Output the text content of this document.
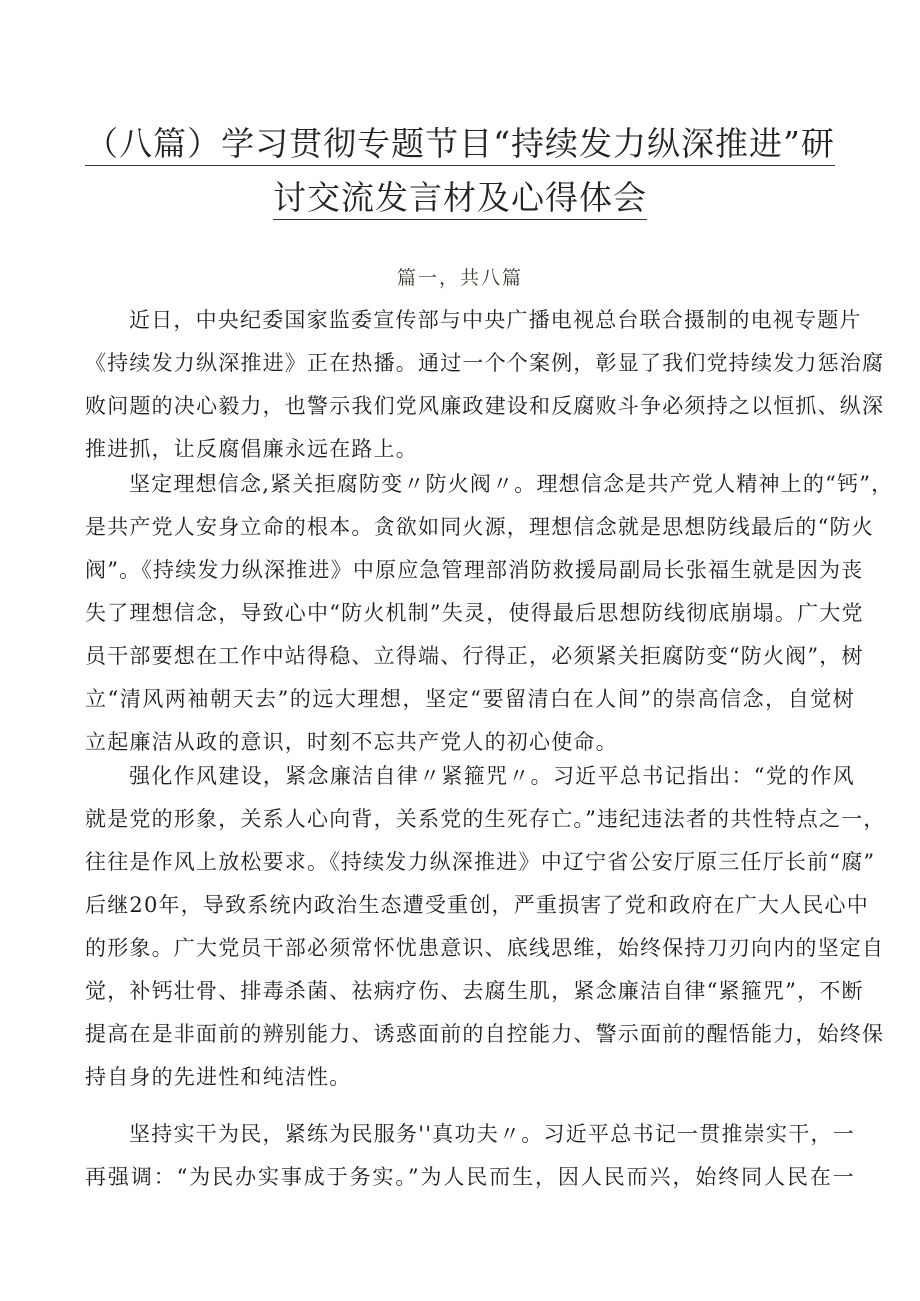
（八篇）学习贯彻专题节目“持续发力纵深推进”研
讨交流发言材及心得体会
篇一，共八篇
近日，中央纪委国家监委宣传部与中央广播电视总台联合摄制的电视专题片
《持续发力纵深推进》正在热播。通过一个个案例，彰显了我们党持续发力惩治腐
败问题的决心毅力，也警示我们党风廉政建设和反腐败斗争必须持之以恒抓、纵深
推进抓，让反腐倡廉永远在路上。
坚定理想信念,紧关拒腐防变〃防火阀〃。理想信念是共产党人精神上的“钙”，
是共产党人安身立命的根本。贪欲如同火源，理想信念就是思想防线最后的“防火
阀”。《持续发力纵深推进》中原应急管理部消防救援局副局长张福生就是因为丧
失了理想信念，导致心中“防火机制”失灵，使得最后思想防线彻底崩塌。广大党
员干部要想在工作中站得稳、立得端、行得正，必须紧关拒腐防变“防火阀”，树
立“清风两袖朝天去”的远大理想，坚定“要留清白在人间”的崇高信念，自觉树
立起廉洁从政的意识，时刻不忘共产党人的初心使命。
强化作风建设，紧念廉洁自律〃紧箍咒〃。习近平总书记指出：“党的作风
就是党的形象，关系人心向背，关系党的生死存亡。”违纪违法者的共性特点之一，
往往是作风上放松要求。《持续发力纵深推进》中辽宁省公安厅原三任厅长前“腐”
后继20年，导致系统内政治生态遭受重创，严重损害了党和政府在广大人民心中
的形象。广大党员干部必须常怀忧患意识、底线思维，始终保持刀刃向内的坚定自
觉，补钙壮骨、排毒杀菌、祛病疗伤、去腐生肌，紧念廉洁自律“紧箍咒”，不断
提高在是非面前的辨别能力、诱惑面前的自控能力、警示面前的醒悟能力，始终保
持自身的先进性和纯洁性。
坚持实干为民，紧练为民服务''真功夫〃。习近平总书记一贯推崇实干，一
再强调：“为民办实事成于务实。”为人民而生，因人民而兴，始终同人民在一
